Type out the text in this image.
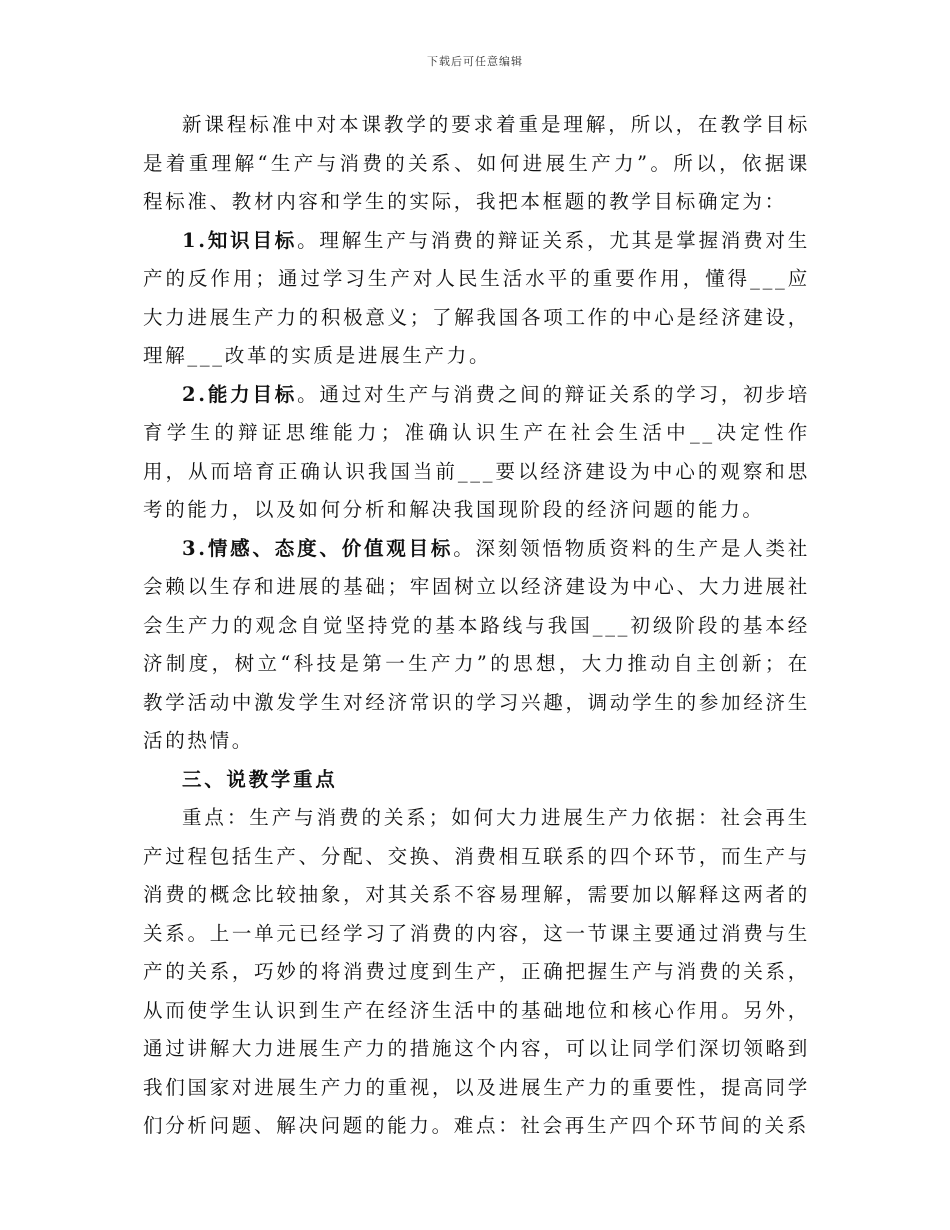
下载后可任意编辑

新课程标准中对本课教学的要求着重是理解，所以，在教学目标是着重理解“生产与消费的关系、如何进展生产力”。所以，依据课程标准、教材内容和学生的实际，我把本框题的教学目标确定为：

1.知识目标。理解生产与消费的辩证关系，尤其是掌握消费对生产的反作用；通过学习生产对人民生活水平的重要作用，懂得___应大力进展生产力的积极意义；了解我国各项工作的中心是经济建设，理解___改革的实质是进展生产力。

2.能力目标。通过对生产与消费之间的辩证关系的学习，初步培育学生的辩证思维能力；准确认识生产在社会生活中__决定性作用，从而培育正确认识我国当前___要以经济建设为中心的观察和思考的能力，以及如何分析和解决我国现阶段的经济问题的能力。

3.情感、态度、价值观目标。深刻领悟物质资料的生产是人类社会赖以生存和进展的基础；牢固树立以经济建设为中心、大力进展社会生产力的观念自觉坚持党的基本路线与我国___初级阶段的基本经济制度，树立“科技是第一生产力”的思想，大力推动自主创新；在教学活动中激发学生对经济常识的学习兴趣，调动学生的参加经济生活的热情。

三、说教学重点

重点：生产与消费的关系；如何大力进展生产力依据：社会再生产过程包括生产、分配、交换、消费相互联系的四个环节，而生产与消费的概念比较抽象，对其关系不容易理解，需要加以解释这两者的关系。上一单元已经学习了消费的内容，这一节课主要通过消费与生产的关系，巧妙的将消费过度到生产，正确把握生产与消费的关系，从而使学生认识到生产在经济生活中的基础地位和核心作用。另外，通过讲解大力进展生产力的措施这个内容，可以让同学们深切领略到我们国家对进展生产力的重视，以及进展生产力的重要性，提高同学们分析问题、解决问题的能力。难点：社会再生产四个环节间的关系
